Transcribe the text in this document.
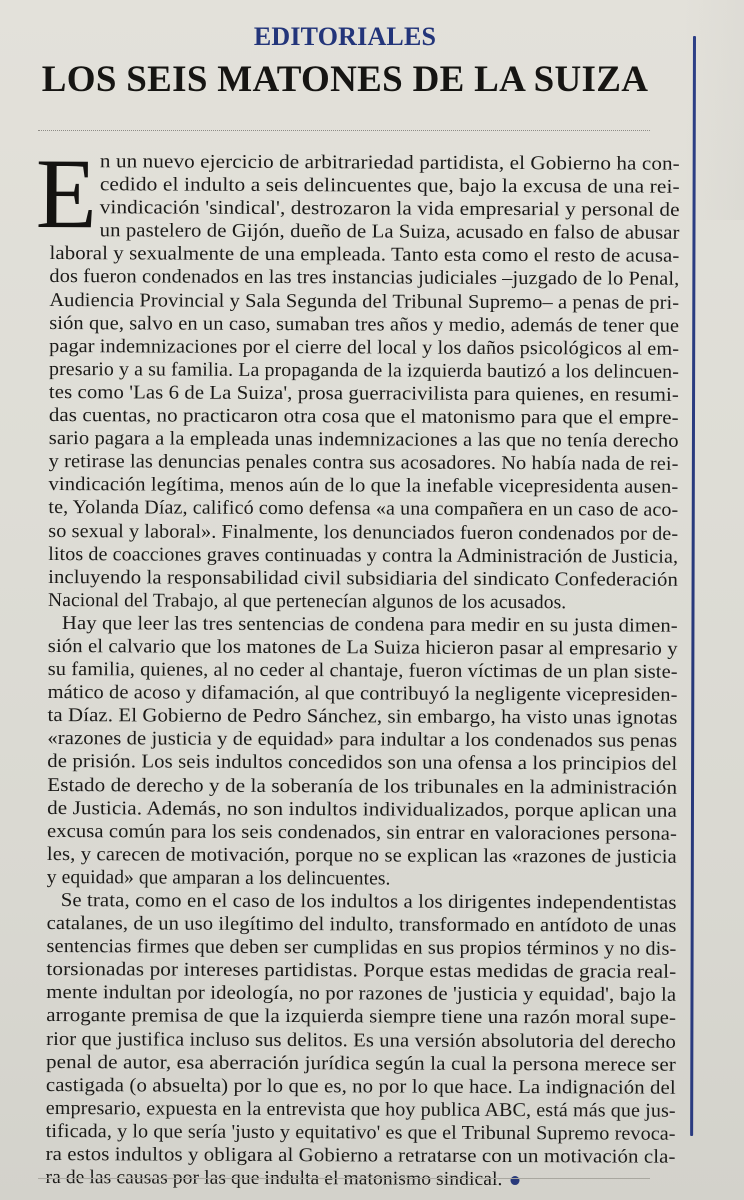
EDITORIALES
LOS SEIS MATONES DE LA SUIZA
E n un nuevo ejercicio de arbitrariedad partidista, el Gobierno ha con-
cedido el indulto a seis delincuentes que, bajo la excusa de una rei-
vindicación 'sindical', destrozaron la vida empresarial y personal de
un pastelero de Gijón, dueño de La Suiza, acusado en falso de abusar
laboral y sexualmente de una empleada. Tanto esta como el resto de acusa-
dos fueron condenados en las tres instancias judiciales –juzgado de lo Penal,
Audiencia Provincial y Sala Segunda del Tribunal Supremo– a penas de pri-
sión que, salvo en un caso, sumaban tres años y medio, además de tener que
pagar indemnizaciones por el cierre del local y los daños psicológicos al em-
presario y a su familia. La propaganda de la izquierda bautizó a los delincuen-
tes como 'Las 6 de La Suiza', prosa guerracivilista para quienes, en resumi-
das cuentas, no practicaron otra cosa que el matonismo para que el empre-
sario pagara a la empleada unas indemnizaciones a las que no tenía derecho
y retirase las denuncias penales contra sus acosadores. No había nada de rei-
vindicación legítima, menos aún de lo que la inefable vicepresidenta ausen-
te, Yolanda Díaz, calificó como defensa «a una compañera en un caso de aco-
so sexual y laboral». Finalmente, los denunciados fueron condenados por de-
litos de coacciones graves continuadas y contra la Administración de Justicia,
incluyendo la responsabilidad civil subsidiaria del sindicato Confederación
Nacional del Trabajo, al que pertenecían algunos de los acusados.
Hay que leer las tres sentencias de condena para medir en su justa dimen-
sión el calvario que los matones de La Suiza hicieron pasar al empresario y
su familia, quienes, al no ceder al chantaje, fueron víctimas de un plan siste-
mático de acoso y difamación, al que contribuyó la negligente vicepresiden-
ta Díaz. El Gobierno de Pedro Sánchez, sin embargo, ha visto unas ignotas
«razones de justicia y de equidad» para indultar a los condenados sus penas
de prisión. Los seis indultos concedidos son una ofensa a los principios del
Estado de derecho y de la soberanía de los tribunales en la administración
de Justicia. Además, no son indultos individualizados, porque aplican una
excusa común para los seis condenados, sin entrar en valoraciones persona-
les, y carecen de motivación, porque no se explican las «razones de justicia
y equidad» que amparan a los delincuentes.
Se trata, como en el caso de los indultos a los dirigentes independentistas
catalanes, de un uso ilegítimo del indulto, transformado en antídoto de unas
sentencias firmes que deben ser cumplidas en sus propios términos y no dis-
torsionadas por intereses partidistas. Porque estas medidas de gracia real-
mente indultan por ideología, no por razones de 'justicia y equidad', bajo la
arrogante premisa de que la izquierda siempre tiene una razón moral supe-
rior que justifica incluso sus delitos. Es una versión absolutoria del derecho
penal de autor, esa aberración jurídica según la cual la persona merece ser
castigada (o absuelta) por lo que es, no por lo que hace. La indignación del
empresario, expuesta en la entrevista que hoy publica ABC, está más que jus-
tificada, y lo que sería 'justo y equitativo' es que el Tribunal Supremo revoca-
ra estos indultos y obligara al Gobierno a retratarse con un motivación cla-
ra de las causas por las que indulta el matonismo sindical.
